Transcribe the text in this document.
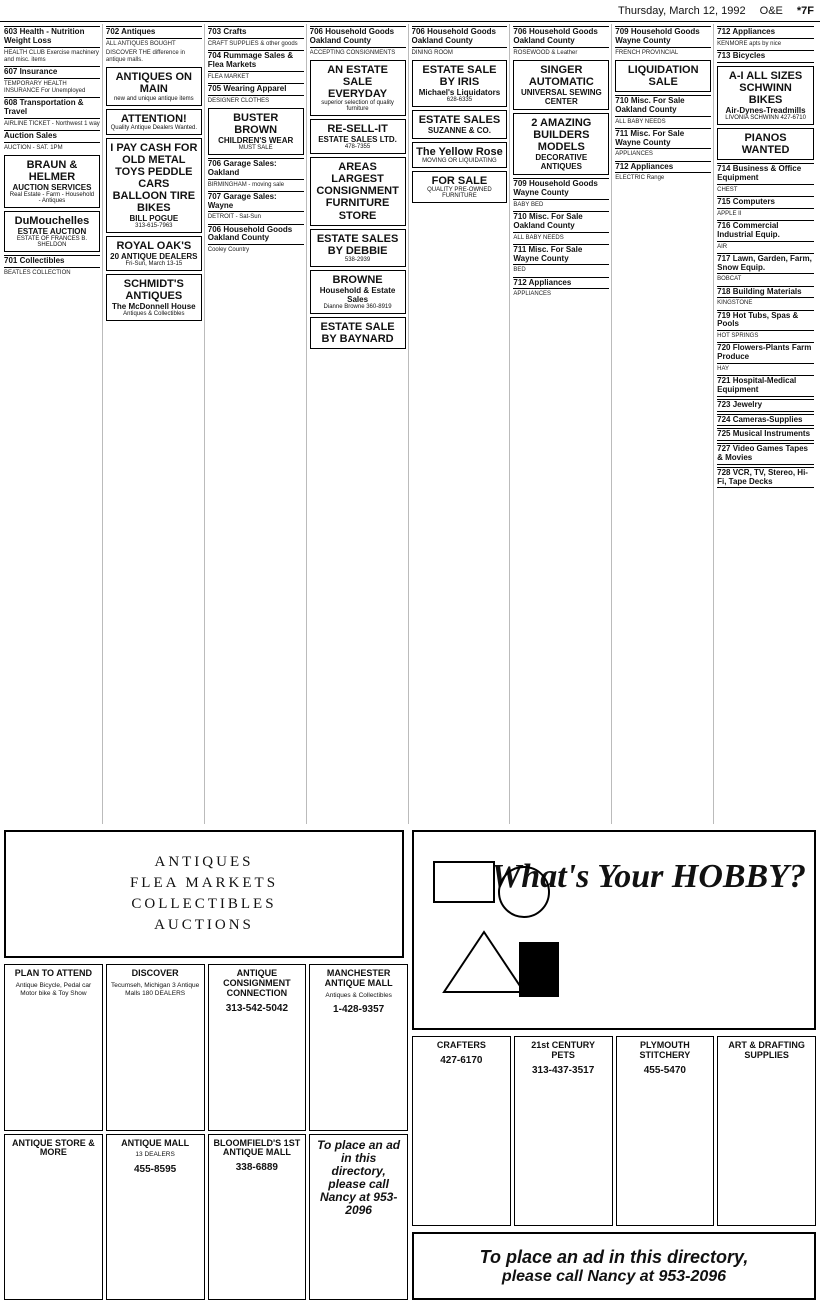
Thursday, March 12, 1992 O&E *7F
603 Health - Nutrition Weight Loss
HEALTH CLUB Exercise machinery and misc. items
607 Insurance
TEMPORARY HEALTH INSURANCE For Unemployed
608 Transportation & Travel
AIRLINE TICKET - Northwest 1 way
Auction Sales
AUCTION - SAT. 1PM
BRAUN & HELMER
AUCTION SERVICES
Real Estate - Farm - Household - Antiques
DuMouchelles
ESTATE AUCTION
ESTATE OF FRANCES B. SHELDON
701 Collectibles
BEATLES COLLECTION
702 Antiques
ALL ANTIQUES BOUGHT
DISCOVER THE difference in antique malls.
ANTIQUES ON MAIN
new and unique antique items
ATTENTION!
Quality Antique Dealers Wanted.
I PAY CASH FOR OLD METAL TOYS PEDDLE CARS BALLOON TIRE BIKES
BILL POGUE
313-615-7963
ROYAL OAK'S
20 ANTIQUE DEALERS
Fri-Sun, March 13-15
SCHMIDT'S ANTIQUES
The McDonnell House
Antiques & Collectibles
703 Crafts
CRAFT SUPPLIES & other goods
704 Rummage Sales & Flea Markets
FLEA MARKET
705 Wearing Apparel
DESIGNER CLOTHES
BUSTER BROWN
CHILDREN'S WEAR
MUST SALE
706 Garage Sales: Oakland
BIRMINGHAM - moving sale
707 Garage Sales: Wayne
DETROIT - Sat-Sun
706 Household Goods Oakland County
Cooley Country
706 Household Goods Oakland County
ACCEPTING CONSIGNMENTS
AN ESTATE SALE EVERYDAY
superior selection of quality furniture
RE-SELL-IT
ESTATE SALES LTD.
478-7355
AREAS LARGEST CONSIGNMENT FURNITURE STORE
ESTATE SALES BY DEBBIE
538-2939
BROWNE
Household & Estate Sales
Dianne Browne 360-8919
ESTATE SALE BY BAYNARD
706 Household Goods Oakland County
DINING ROOM
ESTATE SALE BY IRIS
Michael's Liquidators
628-6335
ESTATE SALES
SUZANNE & CO.
The Yellow Rose
MOVING OR LIQUIDATING
FOR SALE
QUALITY PRE-OWNED FURNITURE
706 Household Goods Oakland County
ROSEWOOD & Leather
SINGER AUTOMATIC
UNIVERSAL SEWING CENTER
2 AMAZING BUILDERS MODELS
DECORATIVE ANTIQUES
709 Household Goods Wayne County
BABY BED
710 Misc. For Sale Oakland County
ALL BABY NEEDS
711 Misc. For Sale Wayne County
BED
712 Appliances
APPLIANCES
709 Household Goods Wayne County
FRENCH PROVINCIAL
LIQUIDATION SALE
710 Misc. For Sale Oakland County
ALL BABY NEEDS
711 Misc. For Sale Wayne County
APPLIANCES
712 Appliances
ELECTRIC Range
712 Appliances
KENMORE apts by nice
713 Bicycles
A-I ALL SIZES SCHWINN BIKES
Air-Dynes-Treadmills
LIVONIA SCHWINN 427-6710
PIANOS WANTED
714 Business & Office Equipment
CHEST
715 Computers
APPLE II
716 Commercial Industrial Equip.
AIR
717 Lawn, Garden, Farm, Snow Equip.
BOBCAT
718 Building Materials
KINGSTONE
719 Hot Tubs, Spas & Pools
HOT SPRINGS
720 Flowers-Plants Farm Produce
HAY
721 Hospital-Medical Equipment
723 Jewelry
724 Cameras-Supplies
725 Musical Instruments
727 Video Games Tapes & Movies
728 VCR, TV, Stereo, Hi-Fi, Tape Decks
ANTIQUES
FLEA MARKETS
COLLECTIBLES
AUCTIONS
What's Your HOBBY?
PLAN TO ATTEND
Antique Bicycle, Pedal car Motor bike & Toy Show
DISCOVER
Tecumseh, Michigan 3 Antique Malls 180 DEALERS
ANTIQUE CONSIGNMENT CONNECTION
313-542-5042
MANCHESTER ANTIQUE MALL
Antiques & Collectibles
1-428-9357
ANTIQUE STORE & MORE
ANTIQUE MALL
13 DEALERS
455-8595
BLOOMFIELD'S 1ST ANTIQUE MALL
338-6889
To place an ad in this directory, please call Nancy at 953-2096
CRAFTERS
427-6170
21st CENTURY PETS
313-437-3517
PLYMOUTH STITCHERY
455-5470
ART & DRAFTING SUPPLIES
To place an ad in this directory,
please call Nancy at 953-2096
